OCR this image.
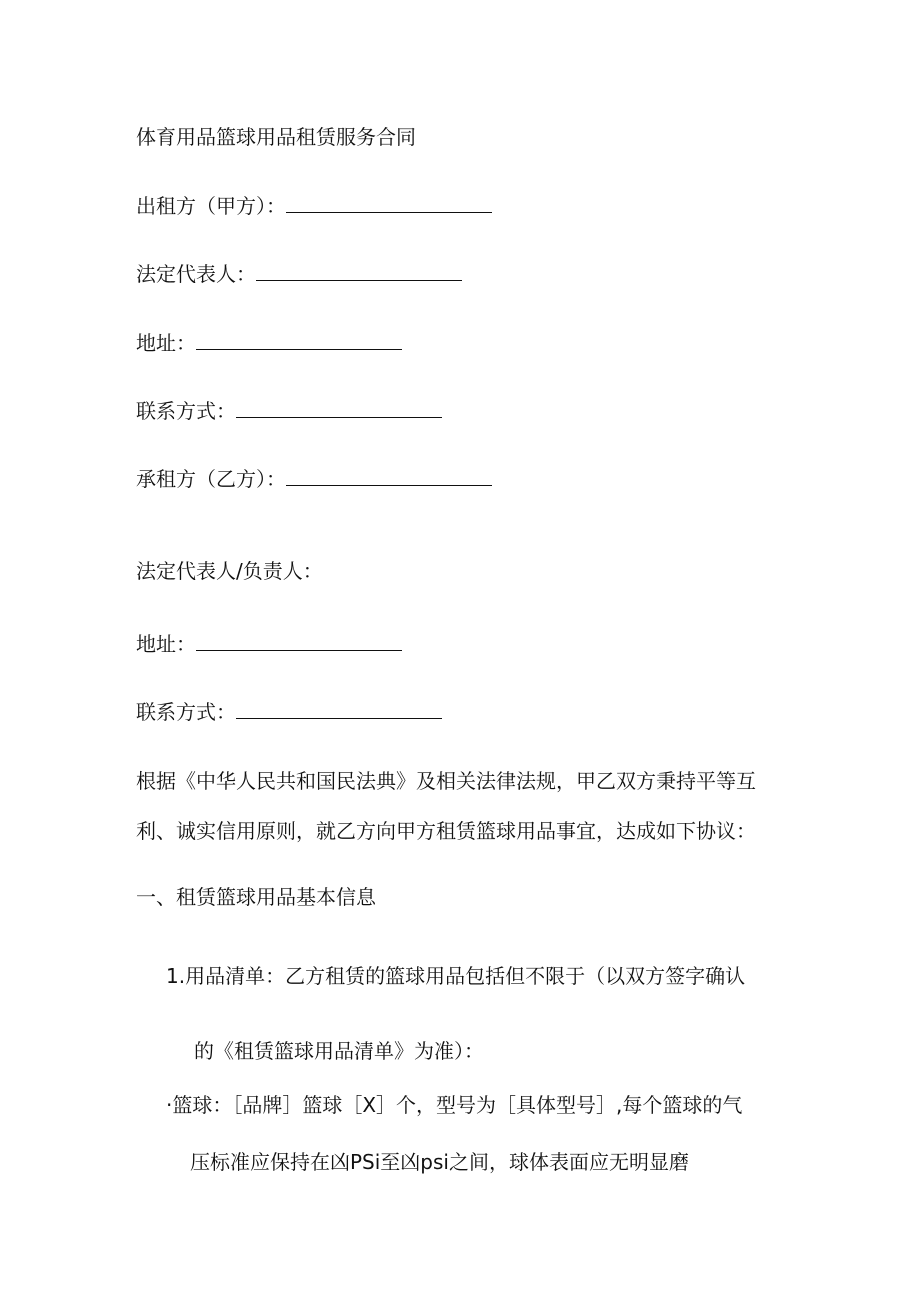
体育用品篮球用品租赁服务合同
出租方（甲方）：
法定代表人：
地址：
联系方式：
承租方（乙方）：
法定代表人/负责人：
地址：
联系方式：
根据《中华人民共和国民法典》及相关法律法规，甲乙双方秉持平等互
利、诚实信用原则，就乙方向甲方租赁篮球用品事宜，达成如下协议：
一、租赁篮球用品基本信息
1.用品清单：乙方租赁的篮球用品包括但不限于（以双方签字确认
的《租赁篮球用品清单》为准）：
·篮球：［品牌］篮球［X］个，型号为［具体型号］,每个篮球的气
压标准应保持在凶PSi至凶psi之间，球体表面应无明显磨
